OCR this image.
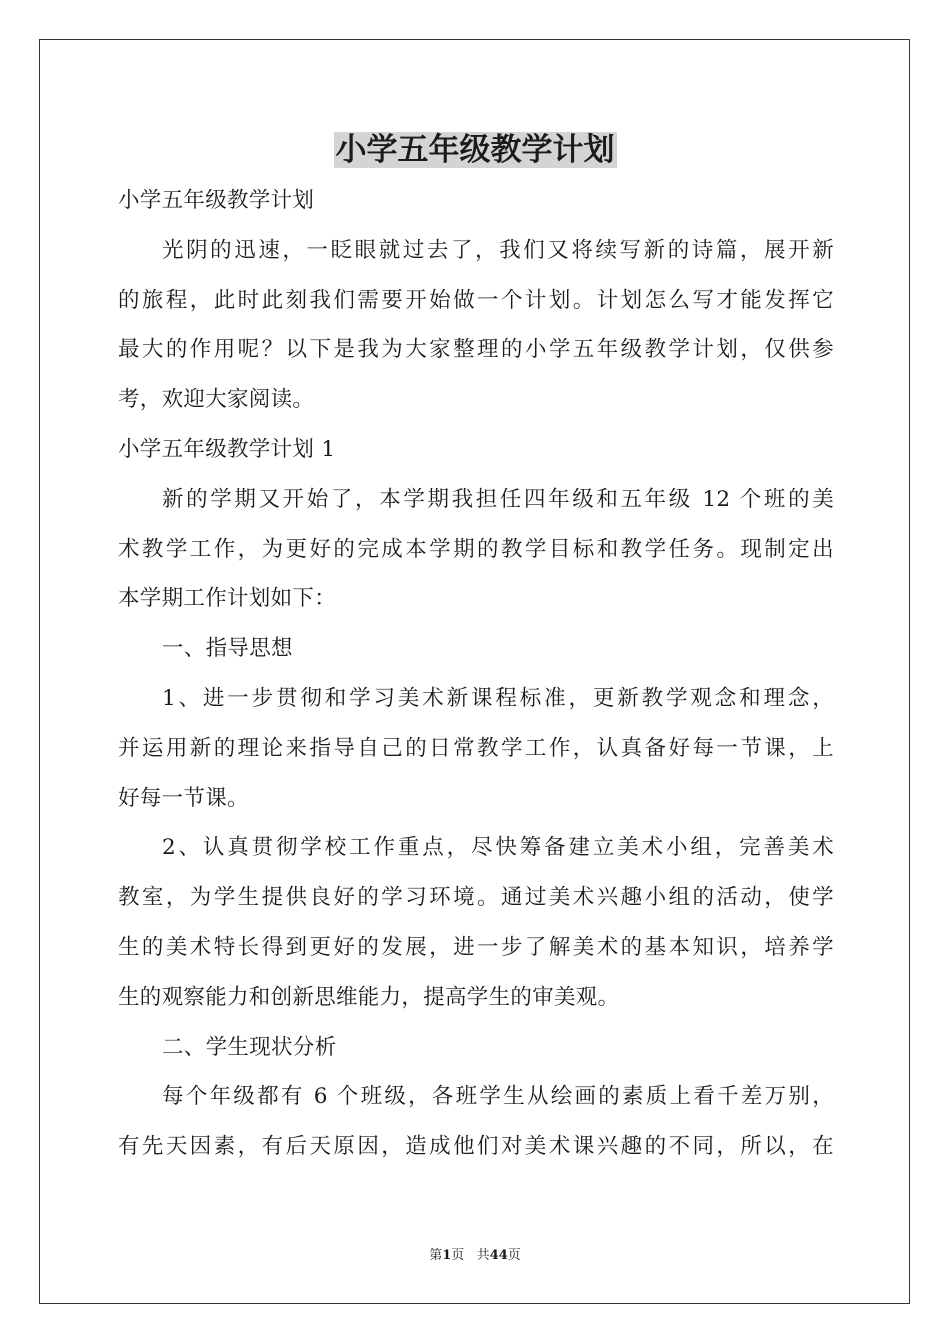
小学五年级教学计划

小学五年级教学计划

光阴的迅速，一眨眼就过去了，我们又将续写新的诗篇，展开新

的旅程，此时此刻我们需要开始做一个计划。计划怎么写才能发挥它

最大的作用呢？以下是我为大家整理的小学五年级教学计划，仅供参

考，欢迎大家阅读。

小学五年级教学计划 1

新的学期又开始了，本学期我担任四年级和五年级 12 个班的美

术教学工作，为更好的完成本学期的教学目标和教学任务。现制定出

本学期工作计划如下：

一、指导思想

1、进一步贯彻和学习美术新课程标准，更新教学观念和理念，

并运用新的理论来指导自己的日常教学工作，认真备好每一节课，上

好每一节课。

2、认真贯彻学校工作重点，尽快筹备建立美术小组，完善美术

教室，为学生提供良好的学习环境。通过美术兴趣小组的活动，使学

生的美术特长得到更好的发展，进一步了解美术的基本知识，培养学

生的观察能力和创新思维能力，提高学生的审美观。

二、学生现状分析

每个年级都有 6 个班级，各班学生从绘画的素质上看千差万别，

有先天因素，有后天原因，造成他们对美术课兴趣的不同，所以，在

第1页 共44页
